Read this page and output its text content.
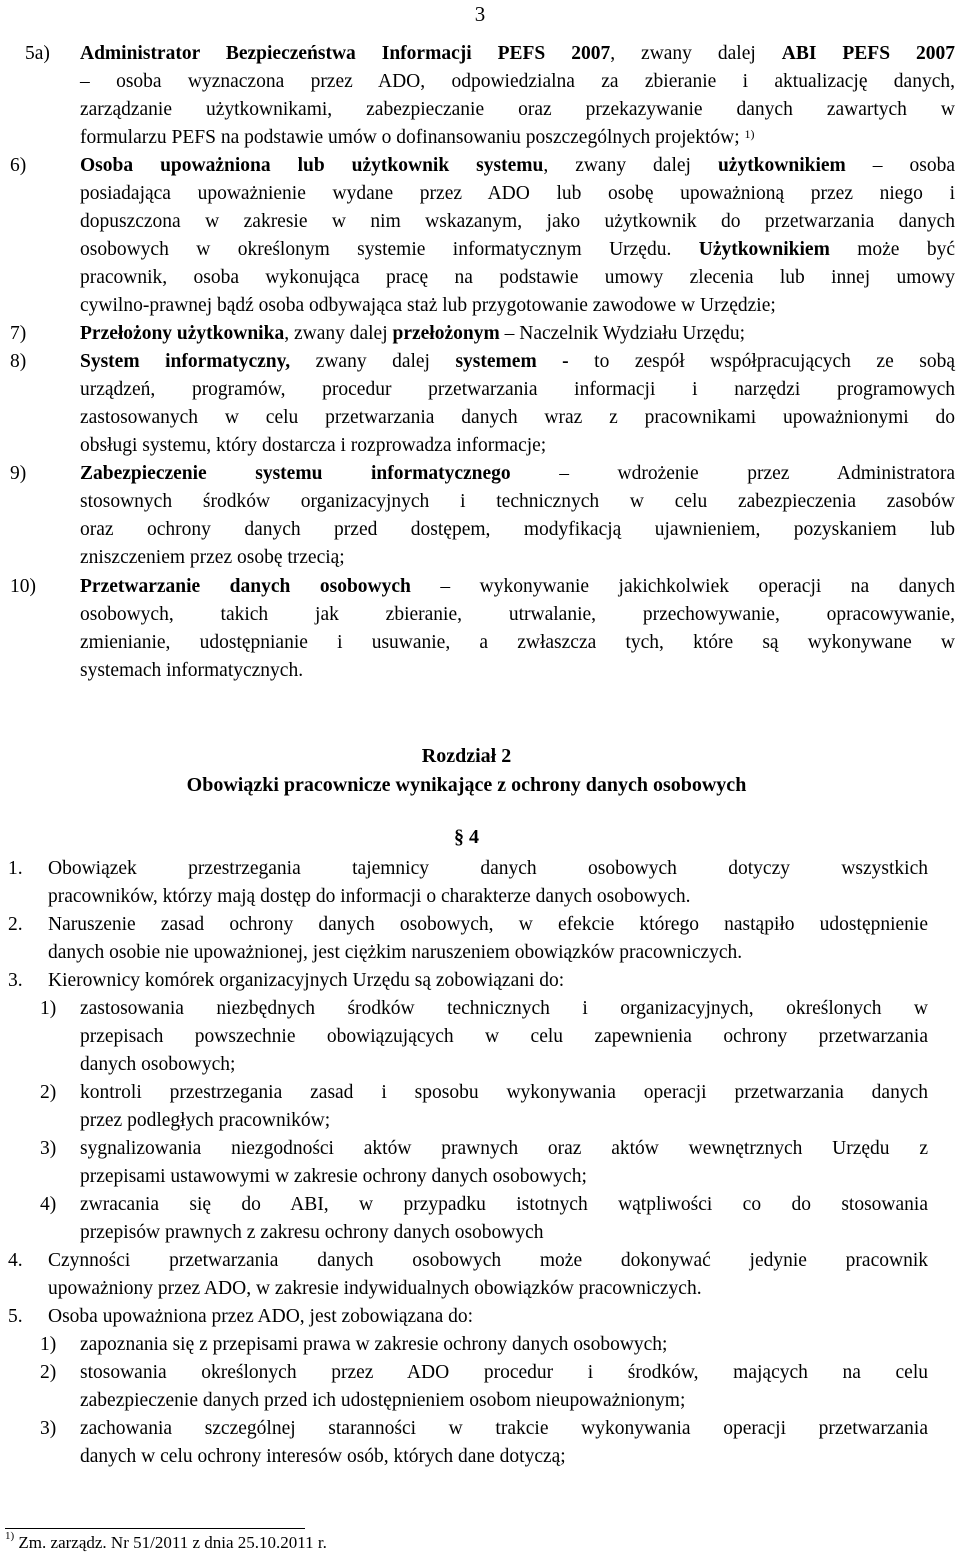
3
5a) Administrator Bezpieczeństwa Informacji PEFS 2007, zwany dalej ABI PEFS 2007
– osoba wyznaczona przez ADO, odpowiedzialna za zbieranie i aktualizację danych,
zarządzanie użytkownikami, zabezpieczanie oraz przekazywanie danych zawartych w
formularzu PEFS na podstawie umów o dofinansowaniu poszczególnych projektów; $^{1)}$
6)	Osoba upoważniona lub użytkownik systemu, zwany dalej użytkownikiem – osoba
posiadająca upoważnienie wydane przez ADO lub osobę upoważnioną przez niego i
dopuszczona w zakresie w nim wskazanym, jako użytkownik do przetwarzania danych
osobowych w określonym systemie informatycznym Urzędu. Użytkownikiem może być
pracownik, osoba wykonująca pracę na podstawie umowy zlecenia lub innej umowy
cywilno-prawnej bądź osoba odbywająca staż lub przygotowanie zawodowe w Urzędzie;
7)	Przełożony użytkownika, zwany dalej przełożonym – Naczelnik Wydziału Urzędu;
8)	System informatyczny, zwany dalej systemem - to zespół współpracujących ze sobą
urządzeń, programów, procedur przetwarzania informacji i narzędzi programowych
zastosowanych w celu przetwarzania danych wraz z pracownikami upoważnionymi do
obsługi systemu, który dostarcza i rozprowadza informacje;
9)	Zabezpieczenie systemu informatycznego – wdrożenie przez Administratora
stosownych środków organizacyjnych i technicznych w celu zabezpieczenia zasobów
oraz ochrony danych przed dostępem, modyfikacją ujawnieniem, pozyskaniem lub
zniszczeniem przez osobę trzecią;
10) Przetwarzanie danych osobowych – wykonywanie jakichkolwiek operacji na danych
osobowych, takich jak zbieranie, utrwalanie, przechowywanie, opracowywanie,
zmienianie, udostępnianie i usuwanie, a zwłaszcza tych, które są wykonywane w
systemach informatycznych.
Rozdział 2
Obowiązki pracownicze wynikające z ochrony danych osobowych
§ 4
1. Obowiązek przestrzegania tajemnicy danych osobowych dotyczy wszystkich
pracowników, którzy mają dostęp do informacji o charakterze danych osobowych.
2. Naruszenie zasad ochrony danych osobowych, w efekcie którego nastąpiło udostępnienie
danych osobie nie upoważnionej, jest ciężkim naruszeniem obowiązków pracowniczych.
3. Kierownicy komórek organizacyjnych Urzędu są zobowiązani do:
1) zastosowania niezbędnych środków technicznych i organizacyjnych, określonych w
przepisach powszechnie obowiązujących w celu zapewnienia ochrony przetwarzania
danych osobowych;
2) kontroli przestrzegania zasad i sposobu wykonywania operacji przetwarzania danych
przez podległych pracowników;
3) sygnalizowania niezgodności aktów prawnych oraz aktów wewnętrznych Urzędu z
przepisami ustawowymi w zakresie ochrony danych osobowych;
4) zwracania się do ABI, w przypadku istotnych wątpliwości co do stosowania
przepisów prawnych z zakresu ochrony danych osobowych
4. Czynności przetwarzania danych osobowych może dokonywać jedynie pracownik
upoważniony przez ADO, w zakresie indywidualnych obowiązków pracowniczych.
5. Osoba upoważniona przez ADO, jest zobowiązana do:
1) zapoznania się z przepisami prawa w zakresie ochrony danych osobowych;
2) stosowania określonych przez ADO procedur i środków, mających na celu
zabezpieczenie danych przed ich udostępnieniem osobom nieupoważnionym;
3) zachowania szczególnej staranności w trakcie wykonywania operacji przetwarzania
danych w celu ochrony interesów osób, których dane dotyczą;
$^{1)}$ Zm. zarządz. Nr 51/2011 z dnia 25.10.2011 r.
